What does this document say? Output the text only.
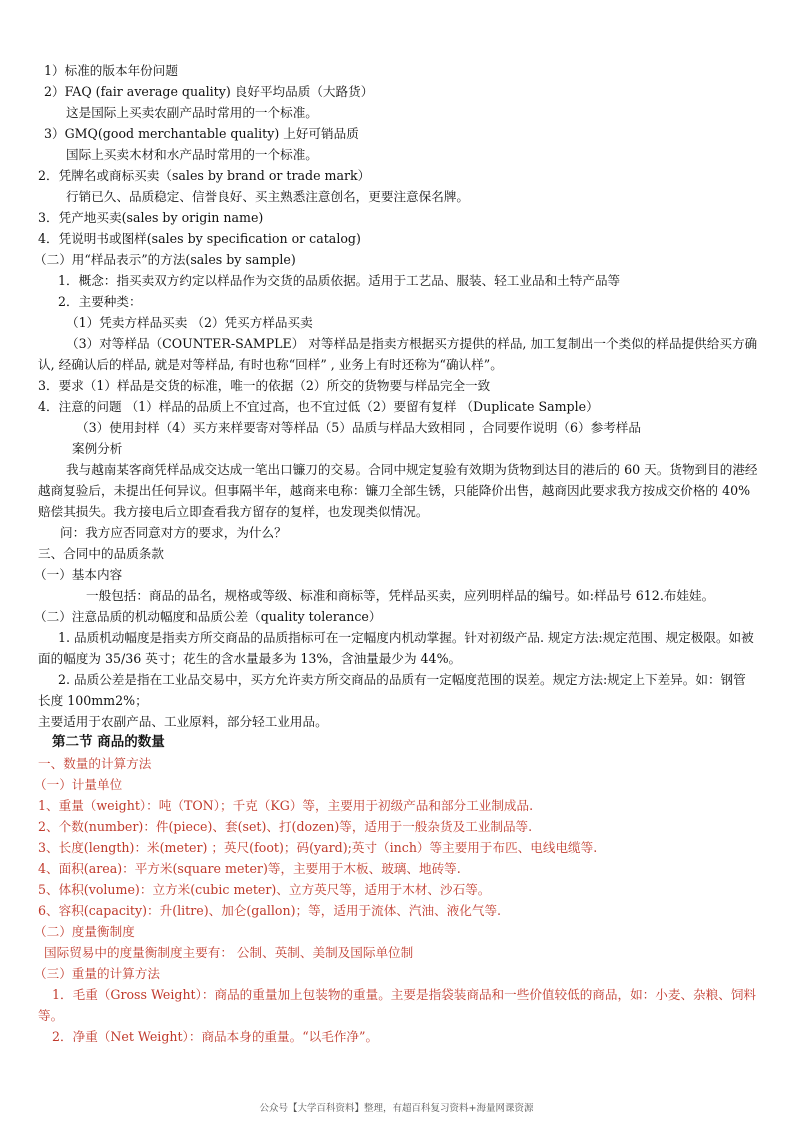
1）标准的版本年份问题
2）FAQ (fair average quality) 良好平均品质（大路货）
这是国际上买卖农副产品时常用的一个标准。
3）GMQ(good merchantable quality) 上好可销品质
国际上买卖木材和水产品时常用的一个标准。
2．凭牌名或商标买卖（sales by brand or trade mark）
行销已久、品质稳定、信誉良好、买主熟悉注意创名，更要注意保名牌。
3．凭产地买卖(sales by origin name)
4．凭说明书或图样(sales by specification or catalog)
（二）用“样品表示”的方法(sales by sample)
1．概念：指买卖双方约定以样品作为交货的品质依据。适用于工艺品、服装、轻工业品和土特产品等
2．主要种类：
（1）凭卖方样品买卖 （2）凭买方样品买卖
（3）对等样品（COUNTER-SAMPLE） 对等样品是指卖方根据买方提供的样品, 加工复制出一个类似的样品提供给买方确认, 经确认后的样品, 就是对等样品, 有时也称“回样” , 业务上有时还称为“确认样”。
3．要求（1）样品是交货的标准，唯一的依据（2）所交的货物要与样品完全一致
4．注意的问题 （1）样品的品质上不宜过高，也不宜过低（2）要留有复样 （Duplicate Sample）
（3）使用封样（4）买方来样要寄对等样品（5）品质与样品大致相同 ，合同要作说明（6）参考样品
案例分析
我与越南某客商凭样品成交达成一笔出口镰刀的交易。合同中规定复验有效期为货物到达目的港后的 60 天。货物到目的港经越商复验后，未提出任何异议。但事隔半年，越商来电称：镰刀全部生锈，只能降价出售，越商因此要求我方按成交价格的 40%赔偿其损失。我方接电后立即查看我方留存的复样，也发现类似情况。
问：我方应否同意对方的要求，为什么？
三、合同中的品质条款
（一）基本内容
一般包括：商品的品名，规格或等级、标准和商标等，凭样品买卖，应列明样品的编号。如:样品号 612.布娃娃。
（二）注意品质的机动幅度和品质公差（quality tolerance）
1. 品质机动幅度是指卖方所交商品的品质指标可在一定幅度内机动掌握。针对初级产品. 规定方法:规定范围、规定极限。如被面的幅度为 35/36 英寸；花生的含水量最多为 13%，含油量最少为 44%。
2. 品质公差是指在工业品交易中，买方允许卖方所交商品的品质有一定幅度范围的误差。规定方法:规定上下差异。如：钢管长度 100mm2%；
主要适用于农副产品、工业原料，部分轻工业用品。
第二节 商品的数量
一、数量的计算方法
（一）计量单位
1、重量（weight）：吨（TON）；千克（KG）等，主要用于初级产品和部分工业制成品.
2、个数(number)：件(piece)、套(set)、打(dozen)等，适用于一般杂货及工业制品等.
3、长度(length)：米(meter) ；英尺(foot)；码(yard);英寸（inch）等主要用于布匹、电线电缆等.
4、面积(area)：平方米(square meter)等，主要用于木板、玻璃、地砖等.
5、体积(volume)：立方米(cubic meter)、立方英尺等，适用于木材、沙石等。
6、容积(capacity)：升(litre)、加仑(gallon)；等，适用于流体、汽油、液化气等.
（二）度量衡制度
国际贸易中的度量衡制度主要有： 公制、英制、美制及国际单位制
（三）重量的计算方法
1．毛重（Gross Weight）：商品的重量加上包装物的重量。主要是指袋装商品和一些价值较低的商品，如：小麦、杂粮、饲料等。
2．净重（Net Weight）：商品本身的重量。“以毛作净”。
公众号【大学百科资料】整理，有超百科复习资料+海量网课资源
